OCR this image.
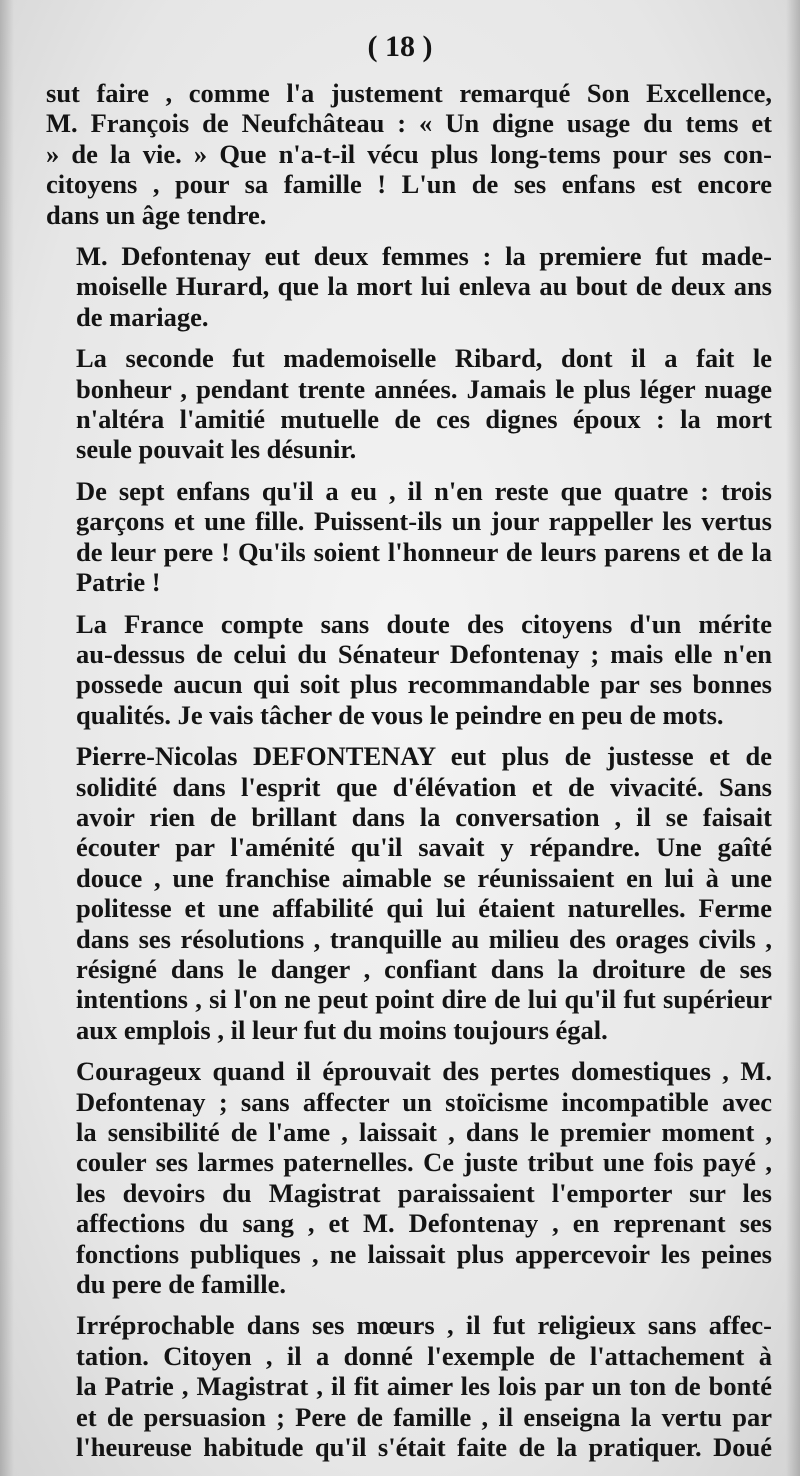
( 18 )

sut faire , comme l'a justement remarqué Son Excellence,
M. François de Neufchâteau : « Un digne usage du tems et
» de la vie. » Que n'a-t-il vécu plus long-tems pour ses con-
citoyens , pour sa famille ! L'un de ses enfans est encore
dans un âge tendre.

M. Defontenay eut deux femmes : la premiere fut made-
moiselle Hurard, que la mort lui enleva au bout de deux ans
de mariage.

La seconde fut mademoiselle Ribard, dont il a fait le
bonheur , pendant trente années. Jamais le plus léger nuage
n'altéra l'amitié mutuelle de ces dignes époux : la mort
seule pouvait les désunir.

De sept enfans qu'il a eu , il n'en reste que quatre : trois
garçons et une fille. Puissent-ils un jour rappeller les vertus
de leur pere ! Qu'ils soient l'honneur de leurs parens et de la
Patrie !

La France compte sans doute des citoyens d'un mérite
au-dessus de celui du Sénateur Defontenay ; mais elle n'en
possede aucun qui soit plus recommandable par ses bonnes
qualités. Je vais tâcher de vous le peindre en peu de mots.

Pierre-Nicolas DEFONTENAY eut plus de justesse et de
solidité dans l'esprit que d'élévation et de vivacité. Sans
avoir rien de brillant dans la conversation , il se faisait
écouter par l'aménité qu'il savait y répandre. Une gaîté
douce , une franchise aimable se réunissaient en lui à une
politesse et une affabilité qui lui étaient naturelles. Ferme
dans ses résolutions , tranquille au milieu des orages civils ,
résigné dans le danger , confiant dans la droiture de ses
intentions , si l'on ne peut point dire de lui qu'il fut supérieur
aux emplois , il leur fut du moins toujours égal.

Courageux quand il éprouvait des pertes domestiques , M.
Defontenay ; sans affecter un stoïcisme incompatible avec
la sensibilité de l'ame , laissait , dans le premier moment ,
couler ses larmes paternelles. Ce juste tribut une fois payé ,
les devoirs du Magistrat paraissaient l'emporter sur les
affections du sang , et M. Defontenay , en reprenant ses
fonctions publiques , ne laissait plus appercevoir les peines
du pere de famille.

Irréprochable dans ses mœurs , il fut religieux sans affec-
tation. Citoyen , il a donné l'exemple de l'attachement à
la Patrie , Magistrat , il fit aimer les lois par un ton de bonté
et de persuasion ; Pere de famille , il enseigna la vertu par
l'heureuse habitude qu'il s'était faite de la pratiquer. Doué
